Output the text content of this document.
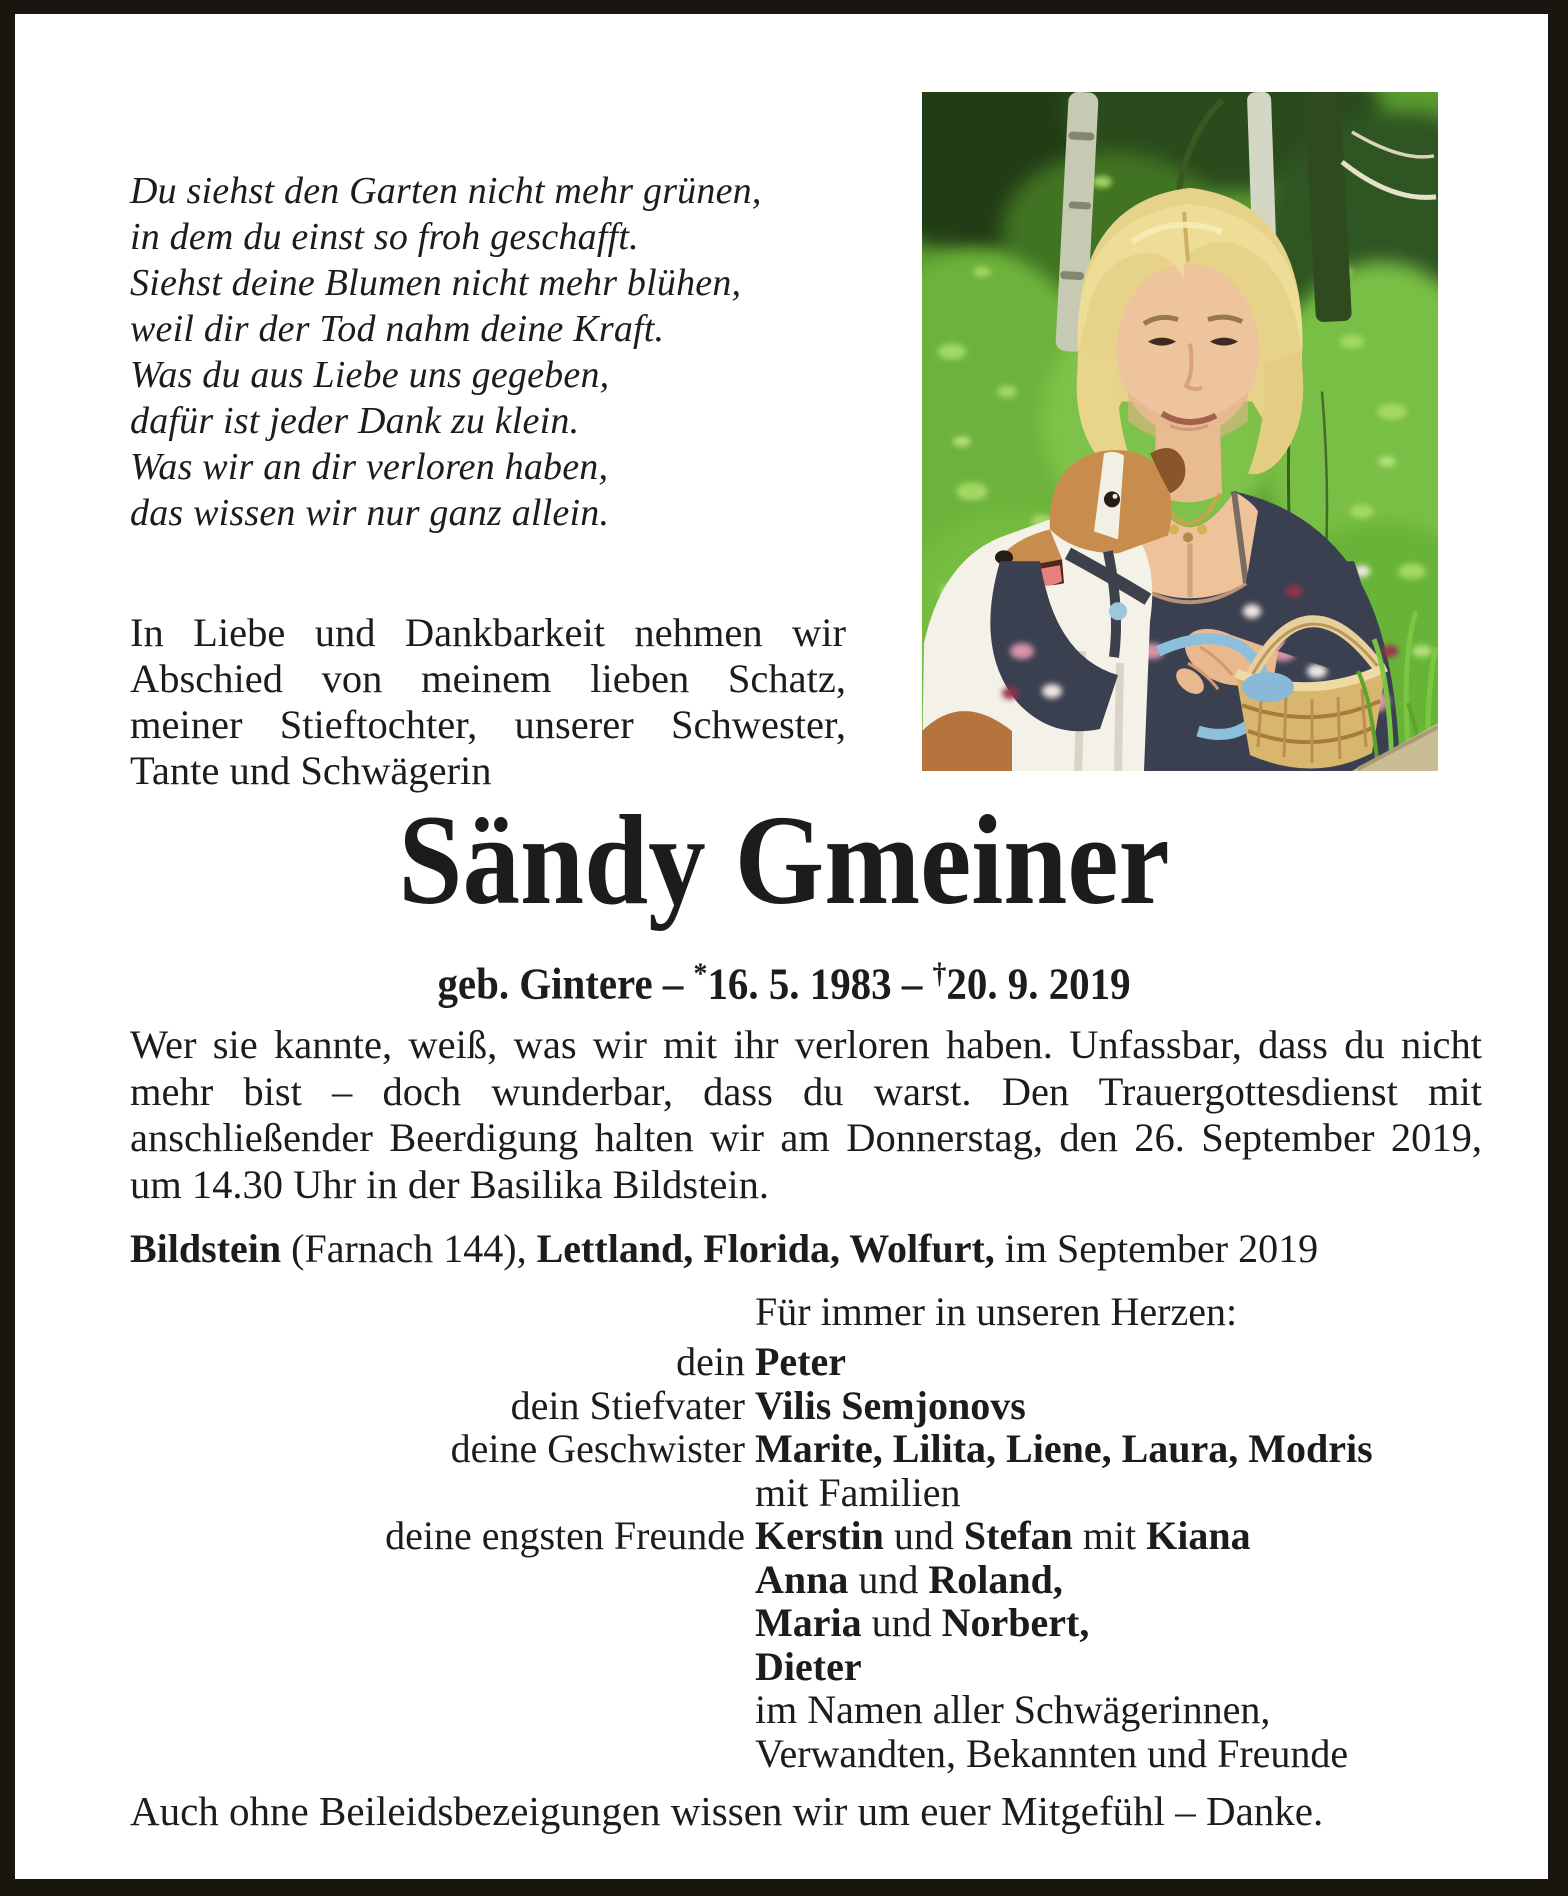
Du siehst den Garten nicht mehr grünen,
in dem du einst so froh geschafft.
Siehst deine Blumen nicht mehr blühen,
weil dir der Tod nahm deine Kraft.
Was du aus Liebe uns gegeben,
dafür ist jeder Dank zu klein.
Was wir an dir verloren haben,
das wissen wir nur ganz allein.
In Liebe und Dankbarkeit nehmen wir Abschied von meinem lieben Schatz, meiner Stieftochter, unserer Schwester, Tante und Schwägerin
Sändy Gmeiner
geb. Gintere – *16. 5. 1983 – †20. 9. 2019
Wer sie kannte, weiß, was wir mit ihr verloren haben. Unfassbar, dass du nicht mehr bist – doch wunderbar, dass du warst. Den Trauergottesdienst mit anschließender Beerdigung halten wir am Donnerstag, den 26. September 2019, um 14.30 Uhr in der Basilika Bildstein.
Bildstein (Farnach 144), Lettland, Florida, Wolfurt, im September 2019
Für immer in unseren Herzen:
dein Peter
dein Stiefvater Vilis Semjonovs
deine Geschwister Marite, Lilita, Liene, Laura, Modris
mit Familien
deine engsten Freunde Kerstin und Stefan mit Kiana
Anna und Roland,
Maria und Norbert,
Dieter
im Namen aller Schwägerinnen,
Verwandten, Bekannten und Freunde
Auch ohne Beileidsbezeigungen wissen wir um euer Mitgefühl – Danke.
